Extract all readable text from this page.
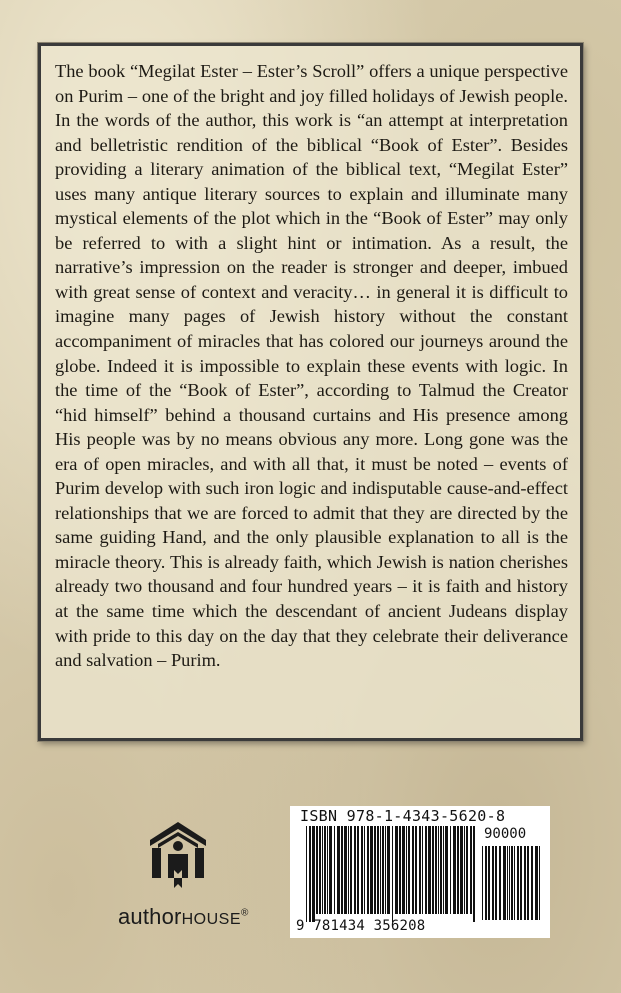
The book “Megilat Ester – Ester’s Scroll” offers a unique perspective on Purim – one of the bright and joy filled holidays of Jewish people. In the words of the author, this work is “an attempt at interpretation and belletristic rendition of the biblical “Book of Ester”. Besides providing a literary animation of the biblical text, “Megilat Ester” uses many antique literary sources to explain and illuminate many mystical elements of the plot which in the “Book of Ester” may only be referred to with a slight hint or intimation. As a result, the narrative’s impression on the reader is stronger and deeper, imbued with great sense of context and veracity… in general it is difficult to imagine many pages of Jewish history without the constant accompaniment of miracles that has colored our journeys around the globe. Indeed it is impossible to explain these events with logic. In the time of the “Book of Ester”, according to Talmud the Creator “hid himself” behind a thousand curtains and His presence among His people was by no means obvious any more. Long gone was the era of open miracles, and with all that, it must be noted – events of Purim develop with such iron logic and indisputable cause-and-effect relationships that we are forced to admit that they are directed by the same guiding Hand, and the only plausible explanation to all is the miracle theory. This is already faith, which Jewish is nation cherishes already two thousand and four hundred years – it is faith and history at the same time which the descendant of ancient Judeans display with pride to this day on the day that they celebrate their deliverance and salvation – Purim.

authorHOUSE®
ISBN 978-1-4343-5620-8
90000
9 781434 356208
